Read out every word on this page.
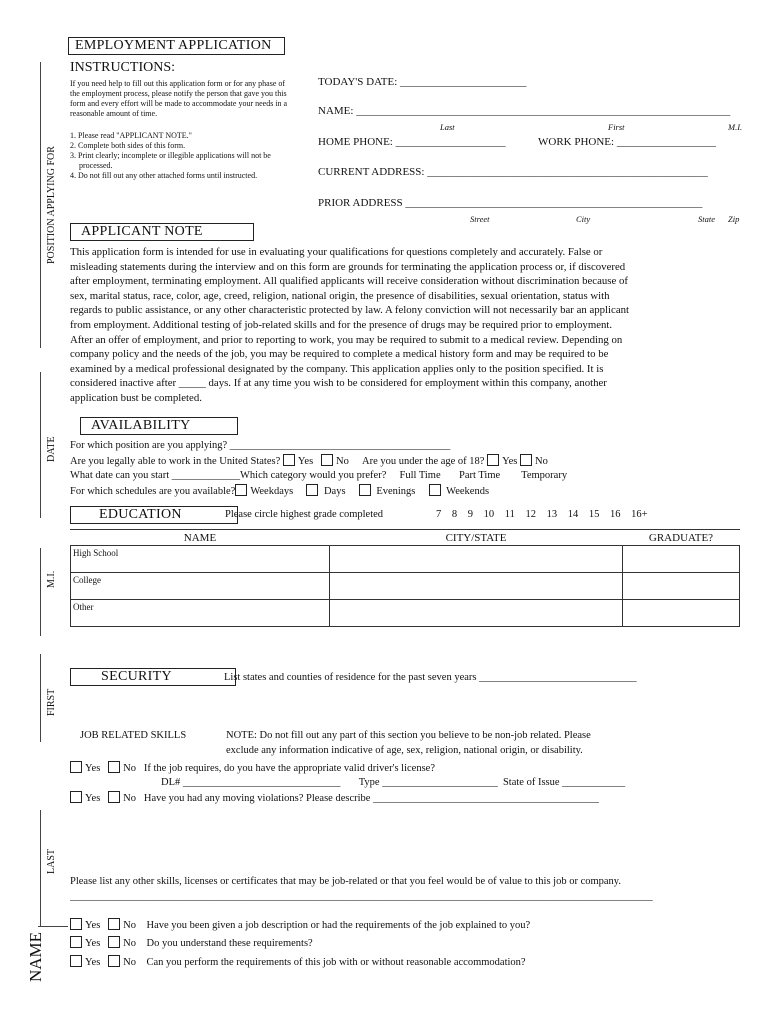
POSITION APPLYING FOR
DATE
M.I.
FIRST
LAST
NAME
EMPLOYMENT APPLICATION
INSTRUCTIONS:
If you need help to fill out this application form or for any phase of the employment process, please notify the person that gave you this form and every effort will be made to accommodate your needs in a reasonable amount of time.
1. Please read "APPLICANT NOTE."
2. Complete both sides of this form.
3. Print clearly; incomplete or illegible applications will not be
processed.
4. Do not fill out any other attached forms until instructed.
TODAY'S DATE: _______________________
NAME: ____________________________________________________________________
Last	First	M.I.
HOME PHONE: ____________________	WORK PHONE: __________________
CURRENT ADDRESS: ___________________________________________________
PRIOR ADDRESS ______________________________________________________
Street	City	State Zip
APPLICANT NOTE
This application form is intended for use in evaluating your qualifications for questions completely and accurately. False or
misleading statements during the interview and on this form are grounds for terminating the application process or, if discovered
after employment, terminating employment. All qualified applicants will receive consideration without discrimination because of
sex, marital status, race, color, age, creed, religion, national origin, the presence of disabilities, sexual orientation, status with
regards to public assistance, or any other characteristic protected by law. A felony conviction will not necessarily bar an applicant
from employment. Additional testing of job-related skills and for the presence of drugs may be required prior to employment.
After an offer of employment, and prior to reporting to work, you may be required to submit to a medical review. Depending on
company policy and the needs of the job, you may be required to complete a medical history form and may be required to be
examined by a medical professional designated by the company. This application applies only to the position specified. It is
considered inactive after _____ days. If at any time you wish to be considered for employment within this company, another
application bust be completed.
AVAILABILITY
For which position are you applying? __________________________________________
Are you legally able to work in the United States? Yes No Are you under the age of 18? Yes No
What date can you start _____________Which category would you prefer? Full Time Part Time Temporary
For which schedules are you available? Weekdays	Days	Evenings	Weekends
EDUCATION	Please circle highest grade completed	7 8 9 10 11 12 13 14 15 16 16+
NAME	CITY/STATE	GRADUATE?
High School		
College		
Other		
SECURITY	List states and counties of residence for the past seven years ______________________________
JOB RELATED SKILLS	NOTE: Do not fill out any part of this section you believe to be non-job related. Please
exclude any information indicative of age, sex, religion, national origin, or disability.
Yes No If the job requires, do you have the appropriate valid driver's license?
DL# ______________________________ Type ______________________ State of Issue ____________
Yes No Have you had any moving violations? Please describe ___________________________________________
Please list any other skills, licenses or certificates that may be job-related or that you feel would be of value to this job or company.
_______________________________________________________________________________________________________________
Yes No Have you been given a job description or had the requirements of the job explained to you?
Yes No Do you understand these requirements?
Yes No Can you perform the requirements of this job with or without reasonable accommodation?
